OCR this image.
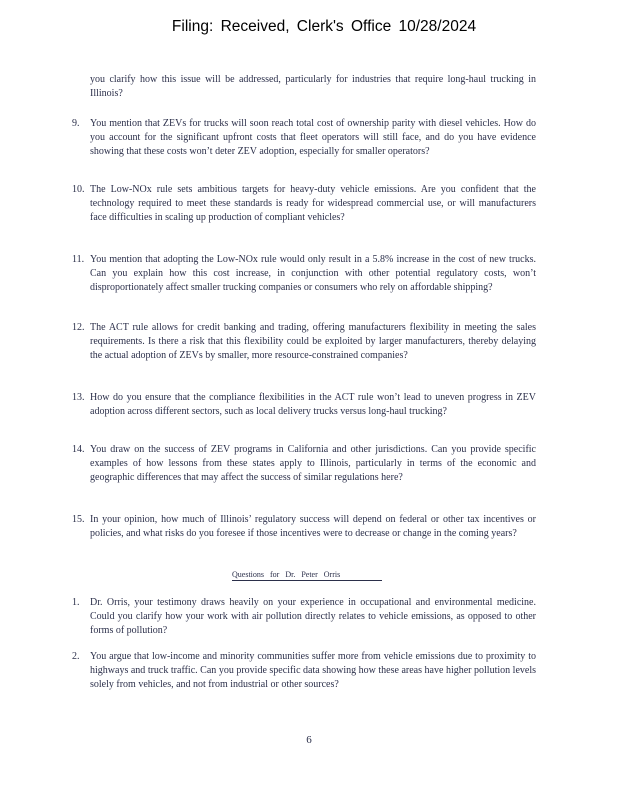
Filing: Received, Clerk's Office 10/28/2024
you clarify how this issue will be addressed, particularly for industries that require long-haul trucking in Illinois?
9.	You mention that ZEVs for trucks will soon reach total cost of ownership parity with diesel vehicles. How do you account for the significant upfront costs that fleet operators will still face, and do you have evidence showing that these costs won’t deter ZEV adoption, especially for smaller operators?
10. The Low-NOx rule sets ambitious targets for heavy-duty vehicle emissions. Are you confident that the technology required to meet these standards is ready for widespread commercial use, or will manufacturers face difficulties in scaling up production of compliant vehicles?
11. You mention that adopting the Low-NOx rule would only result in a 5.8% increase in the cost of new trucks. Can you explain how this cost increase, in conjunction with other potential regulatory costs, won’t disproportionately affect smaller trucking companies or consumers who rely on affordable shipping?
12. The ACT rule allows for credit banking and trading, offering manufacturers flexibility in meeting the sales requirements. Is there a risk that this flexibility could be exploited by larger manufacturers, thereby delaying the actual adoption of ZEVs by smaller, more resource-constrained companies?
13. How do you ensure that the compliance flexibilities in the ACT rule won’t lead to uneven progress in ZEV adoption across different sectors, such as local delivery trucks versus long-haul trucking?
14. You draw on the success of ZEV programs in California and other jurisdictions. Can you provide specific examples of how lessons from these states apply to Illinois, particularly in terms of the economic and geographic differences that may affect the success of similar regulations here?
15. In your opinion, how much of Illinois’ regulatory success will depend on federal or other tax incentives or policies, and what risks do you foresee if those incentives were to decrease or change in the coming years?
Questions for Dr. Peter Orris
1.	Dr. Orris, your testimony draws heavily on your experience in occupational and environmental medicine. Could you clarify how your work with air pollution directly relates to vehicle emissions, as opposed to other forms of pollution?
2.	You argue that low-income and minority communities suffer more from vehicle emissions due to proximity to highways and truck traffic. Can you provide specific data showing how these areas have higher pollution levels solely from vehicles, and not from industrial or other sources?
6
